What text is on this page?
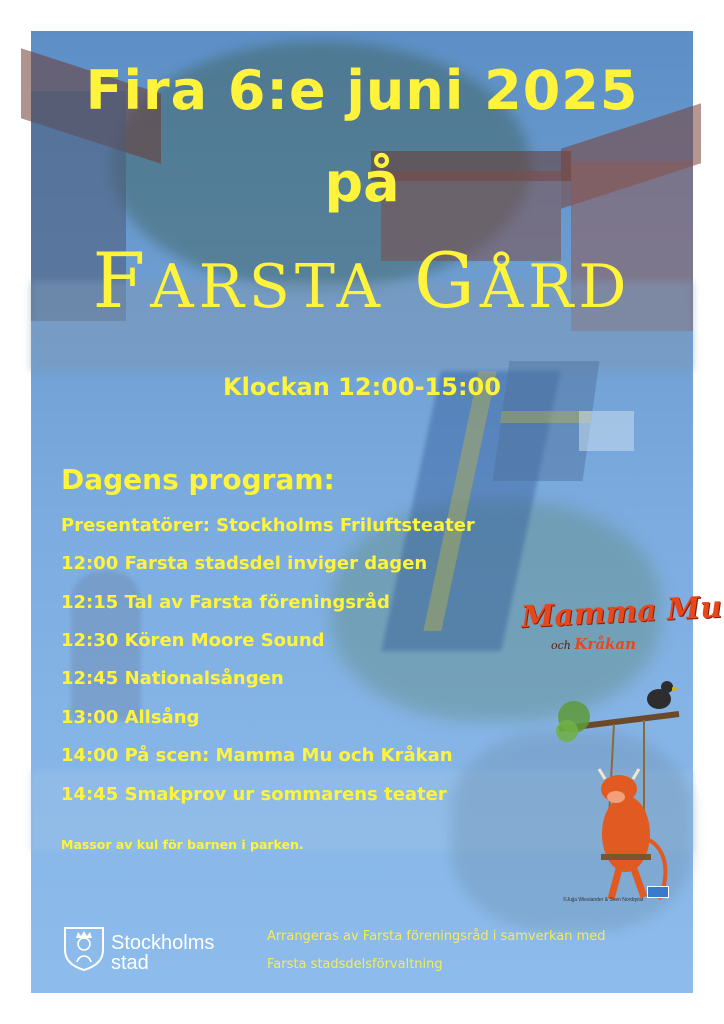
Fira 6:e juni 2025
på
FARSTA GÅRD
Klockan 12:00-15:00
Dagens program:
Presentatörer: Stockholms Friluftsteater
12:00 Farsta stadsdel inviger dagen
12:15 Tal av Farsta föreningsråd
12:30 Kören Moore Sound
12:45 Nationalsången
13:00 Allsång
14:00 På scen: Mamma Mu och Kråkan
14:45 Smakprov ur sommarens teater
Massor av kul för barnen i parken.
Arrangeras av Farsta föreningsråd i samverkan med
Farsta stadsdelsförvaltning
Stockholms
stad
Mamma Mu
och Kråkan
©Jujja Wieslander & Sven Nordqvist
